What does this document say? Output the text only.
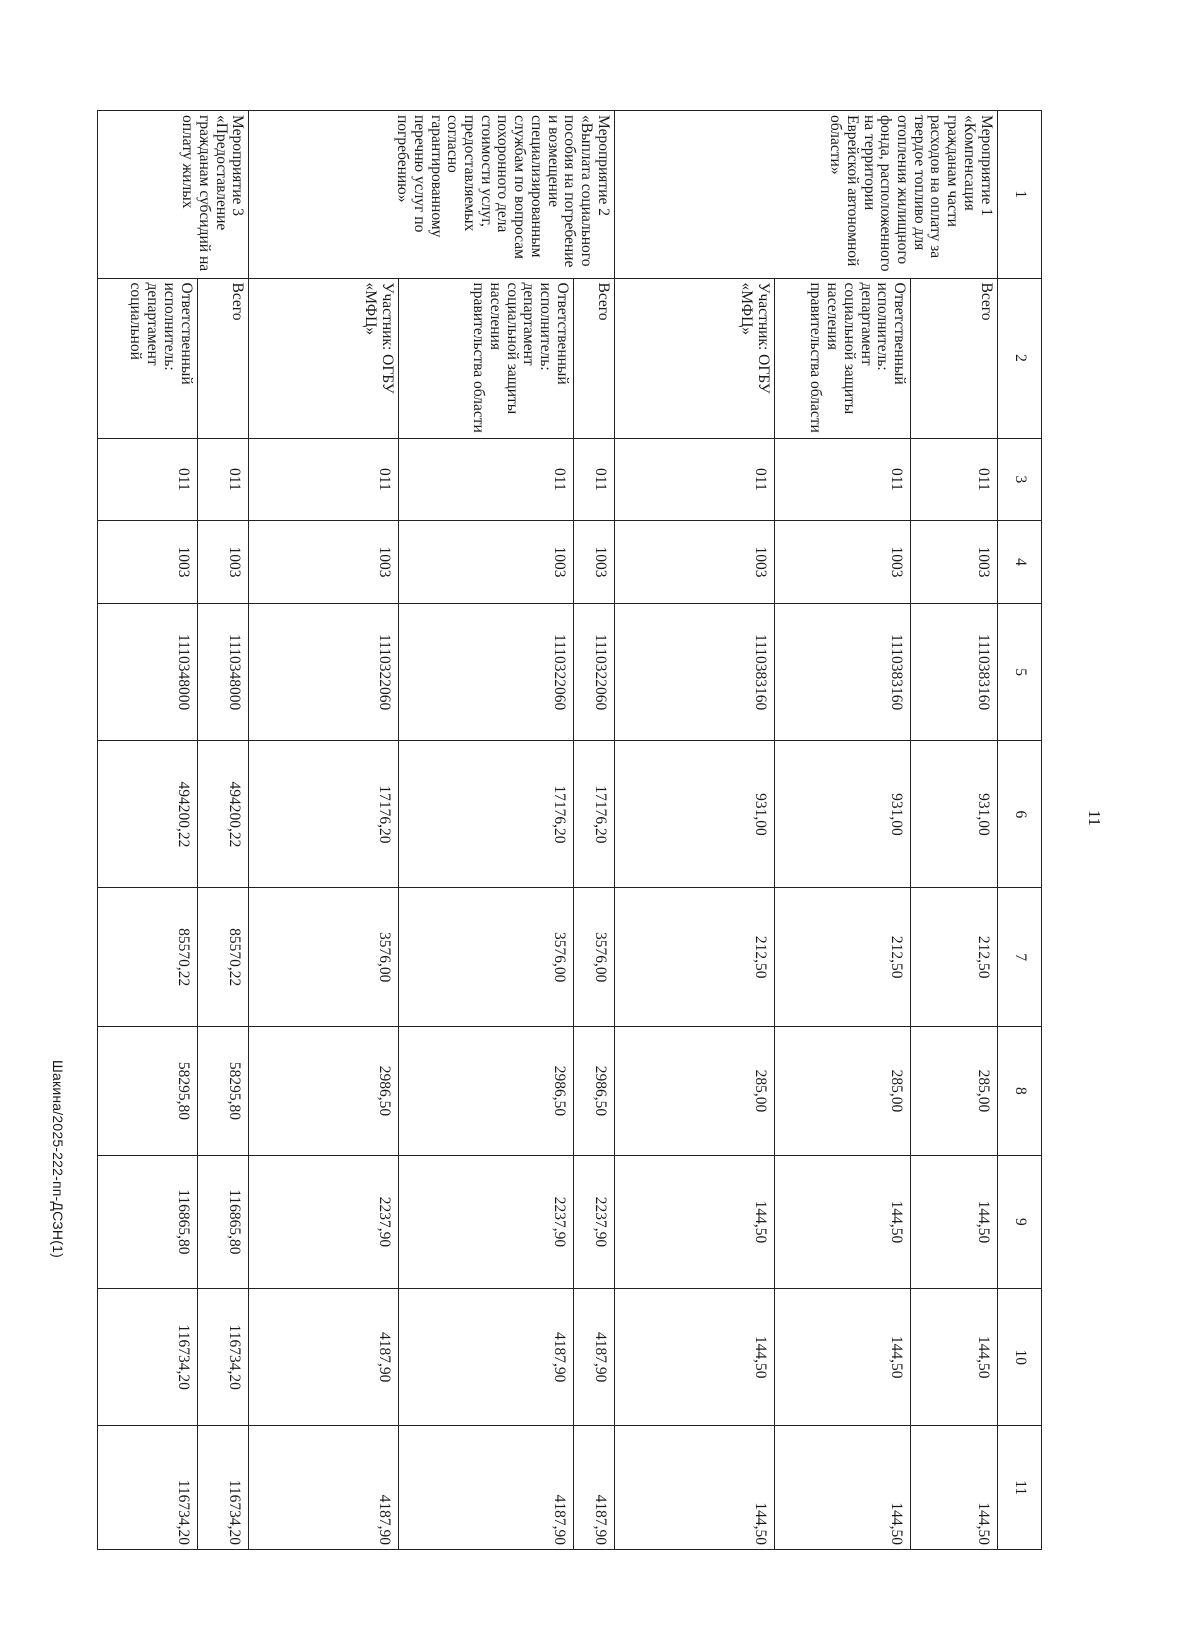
11
1	2	3	4	5	6	7	8	9	10	11
Мероприятие 1 «Компенсация гражданам части расходов на оплату за твердое топливо для отопления жилищного фонда, расположенного на территории Еврейской автономной области»	Всего	011	1003	1110383160	931,00	212,50	285,00	144,50	144,50	144,50
	Ответственный исполнитель: департамент социальной защиты населения правительства области	011	1003	1110383160	931,00	212,50	285,00	144,50	144,50	144,50
	Участник: ОГБУ «МФЦ»	011	1003	1110383160	931,00	212,50	285,00	144,50	144,50	144,50
Мероприятие 2 «Выплата социального пособия на погребение и возмещение специализированным службам по вопросам похоронного дела стоимости услуг, предоставляемых согласно гарантированному перечню услуг по погребению»	Всего	011	1003	1110322060	17176,20	3576,00	2986,50	2237,90	4187,90	4187,90
	Ответственный исполнитель: департамент социальной защиты населения правительства области	011	1003	1110322060	17176,20	3576,00	2986,50	2237,90	4187,90	4187,90
	Участник: ОГБУ «МФЦ»	011	1003	1110322060	17176,20	3576,00	2986,50	2237,90	4187,90	4187,90
Мероприятие 3 «Предоставление гражданам субсидий на оплату жилых	Всего	011	1003	1110348000	494200,22	85570,22	58295,80	116865,80	116734,20	116734,20
	Ответственный исполнитель: департамент социальной	011	1003	1110348000	494200,22	85570,22	58295,80	116865,80	116734,20	116734,20
Шакина/2025-222-пп-ДСЗН(1)
